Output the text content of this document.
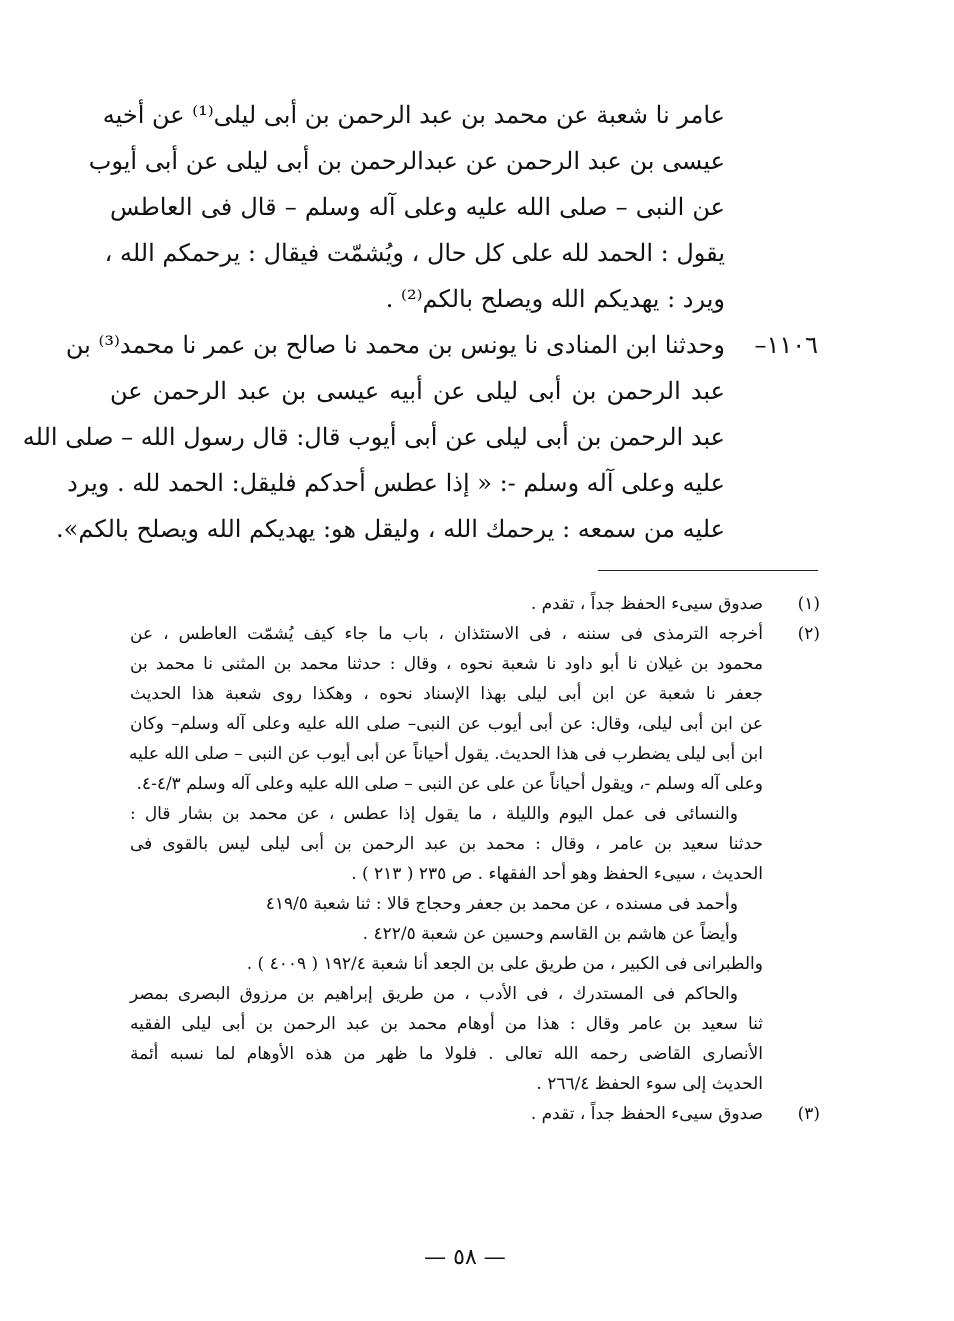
عامر نا شعبة عن محمد بن عبد الرحمن بن أبى ليلى⁽¹⁾ عن أخيه
عيسى بن عبد الرحمن عن عبدالرحمن بن أبى ليلى عن أبى أيوب
عن النبى – صلى الله عليه وعلى آله وسلم – قال فى العاطس
يقول : الحمد لله على كل حال ، ويُشمّت فيقال : يرحمكم الله ،
ويرد : يهديكم الله ويصلح بالكم⁽²⁾ .
وحدثنا ابن المنادى نا يونس بن محمد نا صالح بن عمر نا محمد⁽³⁾ بن
عبد الرحمن بن أبى ليلى عن أبيه عيسى بن عبد الرحمن عن
عبد الرحمن بن أبى ليلى عن أبى أيوب قال: قال رسول الله – صلى الله
عليه وعلى آله وسلم -: « إذا عطس أحدكم فليقل: الحمد لله . ويرد
عليه من سمعه : يرحمك الله ، وليقل هو: يهديكم الله ويصلح بالكم».
١١٠٦–
(١)
صدوق سيىء الحفظ جداً ، تقدم .
(٢)
أخرجه الترمذى فى سننه ، فى الاستئذان ، باب ما جاء كيف يُشمّت العاطس ، عن
محمود بن غيلان نا أبو داود نا شعبة نحوه ، وقال : حدثنا محمد بن المثنى نا محمد بن
جعفر نا شعبة عن ابن أبى ليلى بهذا الإسناد نحوه ، وهكذا روى شعبة هذا الحديث
عن ابن أبى ليلى، وقال: عن أبى أيوب عن النبى– صلى الله عليه وعلى آله وسلم– وكان
ابن أبى ليلى يضطرب فى هذا الحديث. يقول أحياناً عن أبى أيوب عن النبى – صلى الله عليه
وعلى آله وسلم -، ويقول أحياناً عن على عن النبى – صلى الله عليه وعلى آله وسلم ٤/٣-٤.
والنسائى فى عمل اليوم والليلة ، ما يقول إذا عطس ، عن محمد بن بشار قال :
حدثنا سعيد بن عامر ، وقال : محمد بن عبد الرحمن بن أبى ليلى ليس بالقوى فى
الحديث ، سيىء الحفظ وهو أحد الفقهاء . ص ٢٣٥ ( ٢١٣ ) .
وأحمد فى مسنده ، عن محمد بن جعفر وحجاج قالا : ثنا شعبة ٤١٩/٥
وأيضاً عن هاشم بن القاسم وحسين عن شعبة ٤٢٢/٥ .
والطبرانى فى الكبير ، من طريق على بن الجعد أنا شعبة ١٩٢/٤ ( ٤٠٠٩ ) .
والحاكم فى المستدرك ، فى الأدب ، من طريق إبراهيم بن مرزوق البصرى بمصر
ثنا سعيد بن عامر وقال : هذا من أوهام محمد بن عبد الرحمن بن أبى ليلى الفقيه
الأنصارى القاضى رحمه الله تعالى . فلولا ما ظهر من هذه الأوهام لما نسبه أئمة
الحديث إلى سوء الحفظ ٢٦٦/٤ .
(٣)
صدوق سيىء الحفظ جداً ، تقدم .
— ٥٨ —
